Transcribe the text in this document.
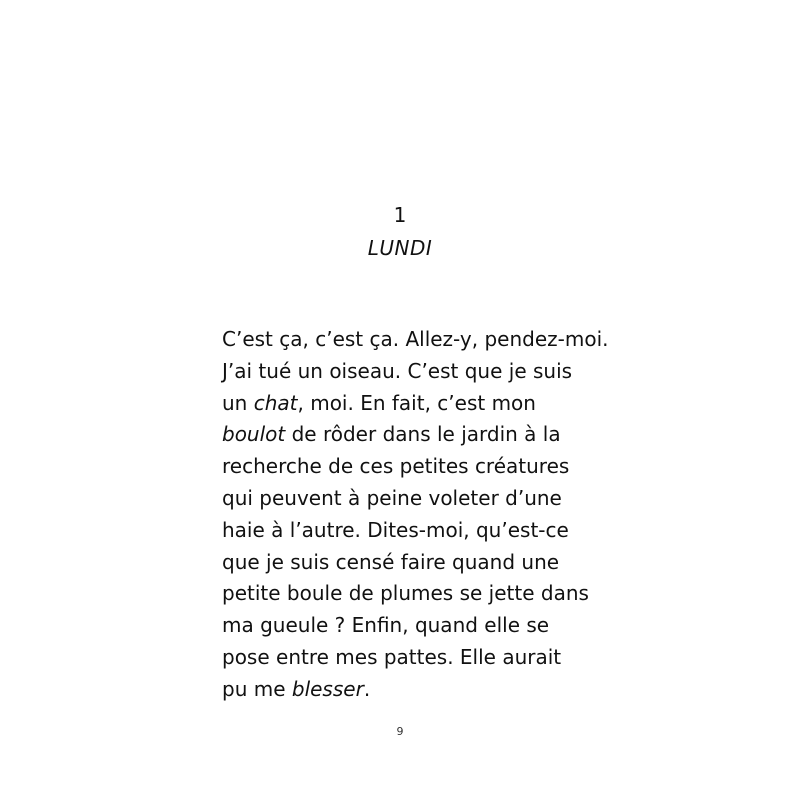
1
LUNDI
C’est ça, c’est ça. Allez-y, pendez-moi.
J’ai tué un oiseau. C’est que je suis
un chat, moi. En fait, c’est mon
boulot de rôder dans le jardin à la
recherche de ces petites créatures
qui peuvent à peine voleter d’une
haie à l’autre. Dites-moi, qu’est-ce
que je suis censé faire quand une
petite boule de plumes se jette dans
ma gueule ? Enfin, quand elle se
pose entre mes pattes. Elle aurait
pu me blesser.
9
